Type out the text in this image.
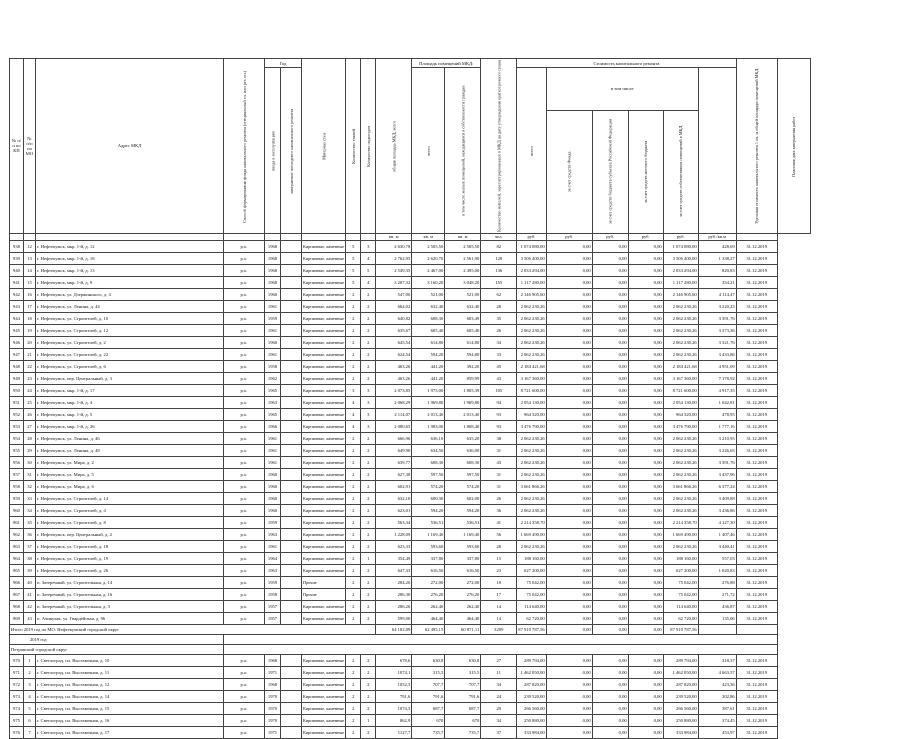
№ п/п по КП	№ п/п по МО	Адрес МКД	Способ формирования фонда капитального ремонта (специальный сч. или рег. оп.)	Год		Материал стен	Количество этажей	Количество подъездов	общая площадь МКД, всего	Площадь помещений МКД:		Количество жителей, зарегистрированных в МКД на дату утверждения краткосрочного плана	Стоимость капитального ремонта						Удельная стоимость капитального ремонта 1 кв. м общей площади помещений МКД	Плановая дата завершения работ
				ввода в эксплуатацию	завершение последнего капитального ремонта					всего	в том числе жилых помещений, находящихся в собственности граждан		всего	в том числе						
														за счет средств Фонда	за счет средств бюджета субъекта Российской Федерации	за счет средств местного бюджета	за счет средств собственников помещений в МКД			
									кв. м	кв. м	кв. м	чел.	руб.	руб.	руб.	руб.	руб.	руб./кв.м		
938	12	г. Нефтекумск, мкр. 1-й, д. 12	р.о.	1968		Кирпичные, каменные	5	3	2 630,78	2 505,50	2 505,50	82	1 074 080,00	0,00	0,00	0,00	1 074 080,00	428,69	31.12.2019	
939	13	г. Нефтекумск, мкр. 1-й, д. 18	р.о.	1968		Кирпичные, каменные	5	4	2 762,95	2 620,70	2 561,90	128	3 506 400,00	0,00	0,00	0,00	3 506 400,00	1 338,27	31.12.2019	
940	14	г. Нефтекумск, мкр. 1-й, д. 13	р.о.	1968		Кирпичные, каменные	5	5	2 549,35	2 467,00	2 495,00	136	2 033 294,00	0,00	0,00	0,00	2 033 294,00	820,83	31.12.2019	
941	15	г. Нефтекумск, мкр. 1-й, д. 9	р.о.	1968		Кирпичные, каменные	5	4	3 207,32	3 160,20	3 048,20	155	1 117 280,00	0,00	0,00	0,00	1 117 280,00	354,21	31.12.2019	
942	16	г. Нефтекумск, ул. Дзержинского, д. 4	р.о.	1960		Кирпичные, каменные	2	2	547,00	521,00	521,00	62	2 146 905,60	0,00	0,00	0,00	2 146 905,60	4 114,47	31.12.2019	
943	17	г. Нефтекумск, ул. Ленина, д. 44	р.о.	1961		Кирпичные, каменные	2	2	664,02	632,40	632,40	28	2 062 230,26	0,00	0,00	0,00	2 062 230,26	3 220,23	31.12.2019	
944	18	г. Нефтекумск, ул. Строителей, д. 10	р.о.	1959		Кирпичные, каменные	2	2	640,82	608,30	603,49	35	2 062 230,26	0,00	0,00	0,00	2 062 230,26	3 391,76	31.12.2019	
945	19	г. Нефтекумск, ул. Строителей, д. 12	р.о.	1961		Кирпичные, каменные	2	2	635,67	605,40	605,40	26	2 062 230,26	0,00	0,00	0,00	2 062 230,26	3 373,36	31.12.2019	
946	20	г. Нефтекумск, ул. Строителей, д. 2	р.о.	1960		Кирпичные, каменные	2	2	645,54	614,80	614,80	34	2 062 230,26	0,00	0,00	0,00	2 062 230,26	3 321,76	31.12.2019	
947	21	г. Нефтекумск, ул. Строителей, д. 22	р.о.	1961		Кирпичные, каменные	2	2	624,54	594,20	594,80	33	2 062 230,26	0,00	0,00	0,00	2 062 230,26	3 433,86	31.12.2019	
948	22	г. Нефтекумск, ул. Строителей, д. 6	р.о.	1958		Кирпичные, каменные	2	2	463,26	441,20	392,20	45	2 184 421,68	0,00	0,00	0,00	2 184 421,68	4 951,09	31.12.2019	
949	23	г. Нефтекумск, пер. Центральный, д. 3	р.о.	1962		Кирпичные, каменные	2	2	463,26	441,20	859,99	43	3 167 360,00	0,00	0,00	0,00	3 167 360,00	7 178,92	31.12.2019	
950	24	г. Нефтекумск, мкр. 1-й, д. 17	р.о.	1965		Кирпичные, каменные	3	3	2 073,85	1 975,00	1 805,39	105	8 721 600,00	0,00	0,00	0,00	8 721 600,00	4 917,35	31.12.2019	
951	25	г. Нефтекумск, мкр. 1-й, д. 4	р.о.	1963		Кирпичные, каменные	4	3	2 068,29	1 969,80	1 969,80	94	2 054 130,00	0,00	0,00	0,00	2 054 130,00	1 042,81	31.12.2019	
952	26	г. Нефтекумск, мкр. 1-й, д. 5	р.о.	1965		Кирпичные, каменные	4	3	2 114,07	2 013,40	2 013,40	93	964 320,00	0,00	0,00	0,00	964 320,00	478,95	31.12.2019	
953	27	г. Нефтекумск, мкр. 1-й, д. 26	р.о.	1966		Кирпичные, каменные	4	3	2 080,65	1 983,00	1 868,40	93	3 476 790,00	0,00	0,00	0,00	3 476 790,00	1 777,16	31.12.2019	
954	28	г. Нефтекумск, ул. Ленина, д. 46	р.о.	1961		Кирпичные, каменные	2	2	666,96	636,10	635,20	38	2 062 230,26	0,00	0,00	0,00	2 062 230,26	3 210,95	31.12.2019	
955	29	г. Нефтекумск, ул. Ленина, д. 48	р.о.	1961		Кирпичные, каменные	2	2	649,90	634,50	636,00	31	2 062 230,26	0,00	0,00	0,00	2 062 230,26	3 226,65	31.12.2019	
956	30	г. Нефтекумск, ул. Мира, д. 2	р.о.	1961		Кирпичные, каменные	2	2	639,77	608,30	608,30	43	2 062 230,26	0,00	0,00	0,00	2 062 230,26	3 391,76	31.12.2019	
957	31	г. Нефтекумск, ул. Мира, д. 5	р.о.	1960		Кирпичные, каменные	2	2	627,38	597,50	597,50	31	2 062 230,26	0,00	0,00	0,00	2 062 230,26	3 437,96	31.12.2019	
958	32	г. Нефтекумск, ул. Мира, д. 6	р.о.	1960		Кирпичные, каменные	2	2	602,91	574,20	574,20	31	3 661 866,26	0,00	0,00	0,00	3 661 866,26	6 377,24	31.12.2019	
959	33	г. Нефтекумск, ул. Строителей, д. 14	р.о.	1960		Кирпичные, каменные	2	2	632,10	600,30	602,00	26	2 062 230,26	0,00	0,00	0,00	2 062 230,26	3 409,88	31.12.2019	
960	34	г. Нефтекумск, ул. Строителей, д. 4	р.о.	1960		Кирпичные, каменные	2	2	623,01	594,20	594,20	36	2 062 230,26	0,00	0,00	0,00	2 062 230,26	3 436,86	31.12.2019	
961	35	г. Нефтекумск, ул. Строителей, д. 8	р.о.	1959		Кирпичные, каменные	2	2	563,34	536,51	536,51	41	2 214 358,70	0,00	0,00	0,00	2 214 358,70	4 127,30	31.12.2019	
962	36	г. Нефтекумск, пер. Центральный, д. 2	р.о.	1963		Кирпичные, каменные	2	2	1 228,09	1 169,40	1 169,40	56	1 669 490,00	0,00	0,00	0,00	1 669 490,00	1 407,46	31.12.2019	
963	37	г. Нефтекумск, ул. Строителей, д. 18	р.о.	1961		Кирпичные, каменные	2	2	623,33	593,60	593,60	28	2 062 230,26	0,00	0,00	0,00	2 062 230,26	3 440,41	31.12.2019	
964	38	г. Нефтекумск, ул. Строителей, д. 19	р.о.	1964		Кирпичные, каменные	2	1	354,49	337,80	337,80	15	188 160,00	0,00	0,00	0,00	188 160,00	557,03	31.12.2019	
965	39	г. Нефтекумск, ул. Строителей, д. 26	р.о.	1963		Кирпичные, каменные	2	2	647,33	616,50	616,50	23	627 200,00	0,00	0,00	0,00	627 200,00	1 020,83	31.12.2019	
966	40	п. Затеречный, ул. Строительная, д. 14	р.о.	1959		Прочие	2	2	284,20	272,00	272,00	18	75 042,00	0,00	0,00	0,00	75 042,00	276,88	31.12.2019	
967	41	п. Затеречный, ул. Строительная, д. 16	р.о.	1958		Прочие	2	2	286,30	276,20	276,20	17	75 042,00	0,00	0,00	0,00	75 042,00	271,72	31.12.2019	
968	42	п. Затеречный, ул. Строительная, д. 3	р.о.	1957		Кирпичные, каменные	2	2	286,26	262,40	262,40	14	114 640,00	0,00	0,00	0,00	114 640,00	436,87	31.12.2019	
969	43	п. Ачикулак, ул. Гвардейская, д. 96	р.о.	1957		Кирпичные, каменные	2	2	599,00	464,40	464,40	14	62 720,00	0,00	0,00	0,00	62 720,00	135,06	31.12.2019	
Итого 2019 год по МО: Нефтекумский городской округ									64 182,09	62 495,15	60 871,11	3299	87 910 787,56	0,00	0,00	0,00	87 910 787,56			
2019 год																				
Петровский городской округ																				
970	1	г. Светлоград, пл. Выставочная, д. 10	р.о.	1966		Кирпичные, каменные	2	2	678,6	630,8	630,8	27	289 794,00	0,00	0,00	0,00	289 794,00	318,37	31.12.2019	
971	2	г. Светлоград, пл. Выставочная, д. 11	р.о.	1971		Кирпичные, каменные	2	2	1074,1	315,5	315,5	11	1 462 050,00	0,00	0,00	0,00	1 462 050,00	4 663,57	31.12.2019	
972	3	г. Светлоград, пл. Выставочная, д. 12	р.о.	1968		Кирпичные, каменные	2	2	1052,3	707,7	707,7	34	287 820,00	0,00	0,00	0,00	287 820,00	423,36	31.12.2019	
973	4	г. Светлоград, пл. Выставочная, д. 14	р.о.	1970		Кирпичные, каменные	2	2	791,6	791,6	791,6	24	239 520,00	0,00	0,00	0,00	239 520,00	302,86	31.12.2019	
974	5	г. Светлоград, пл. Выставочная, д. 15	р.о.	1970		Кирпичные, каменные	2	2	1074,3	687,7	687,7	29	266 560,00	0,00	0,00	0,00	266 560,00	387,61	31.12.2019	
975	6	г. Светлоград, пл. Выставочная, д. 16	р.о.	1970		Кирпичные, каменные	2	1	862,9	670	670	34	250 880,00	0,00	0,00	0,00	250 880,00	374,45	31.12.2019	
976	7	г. Светлоград, пл. Выставочная, д. 17	р.о.	1971		Кирпичные, каменные	2	2	1127,7	735,7	735,7	37	333 984,00	0,00	0,00	0,00	333 984,00	453,97	31.12.2019	
